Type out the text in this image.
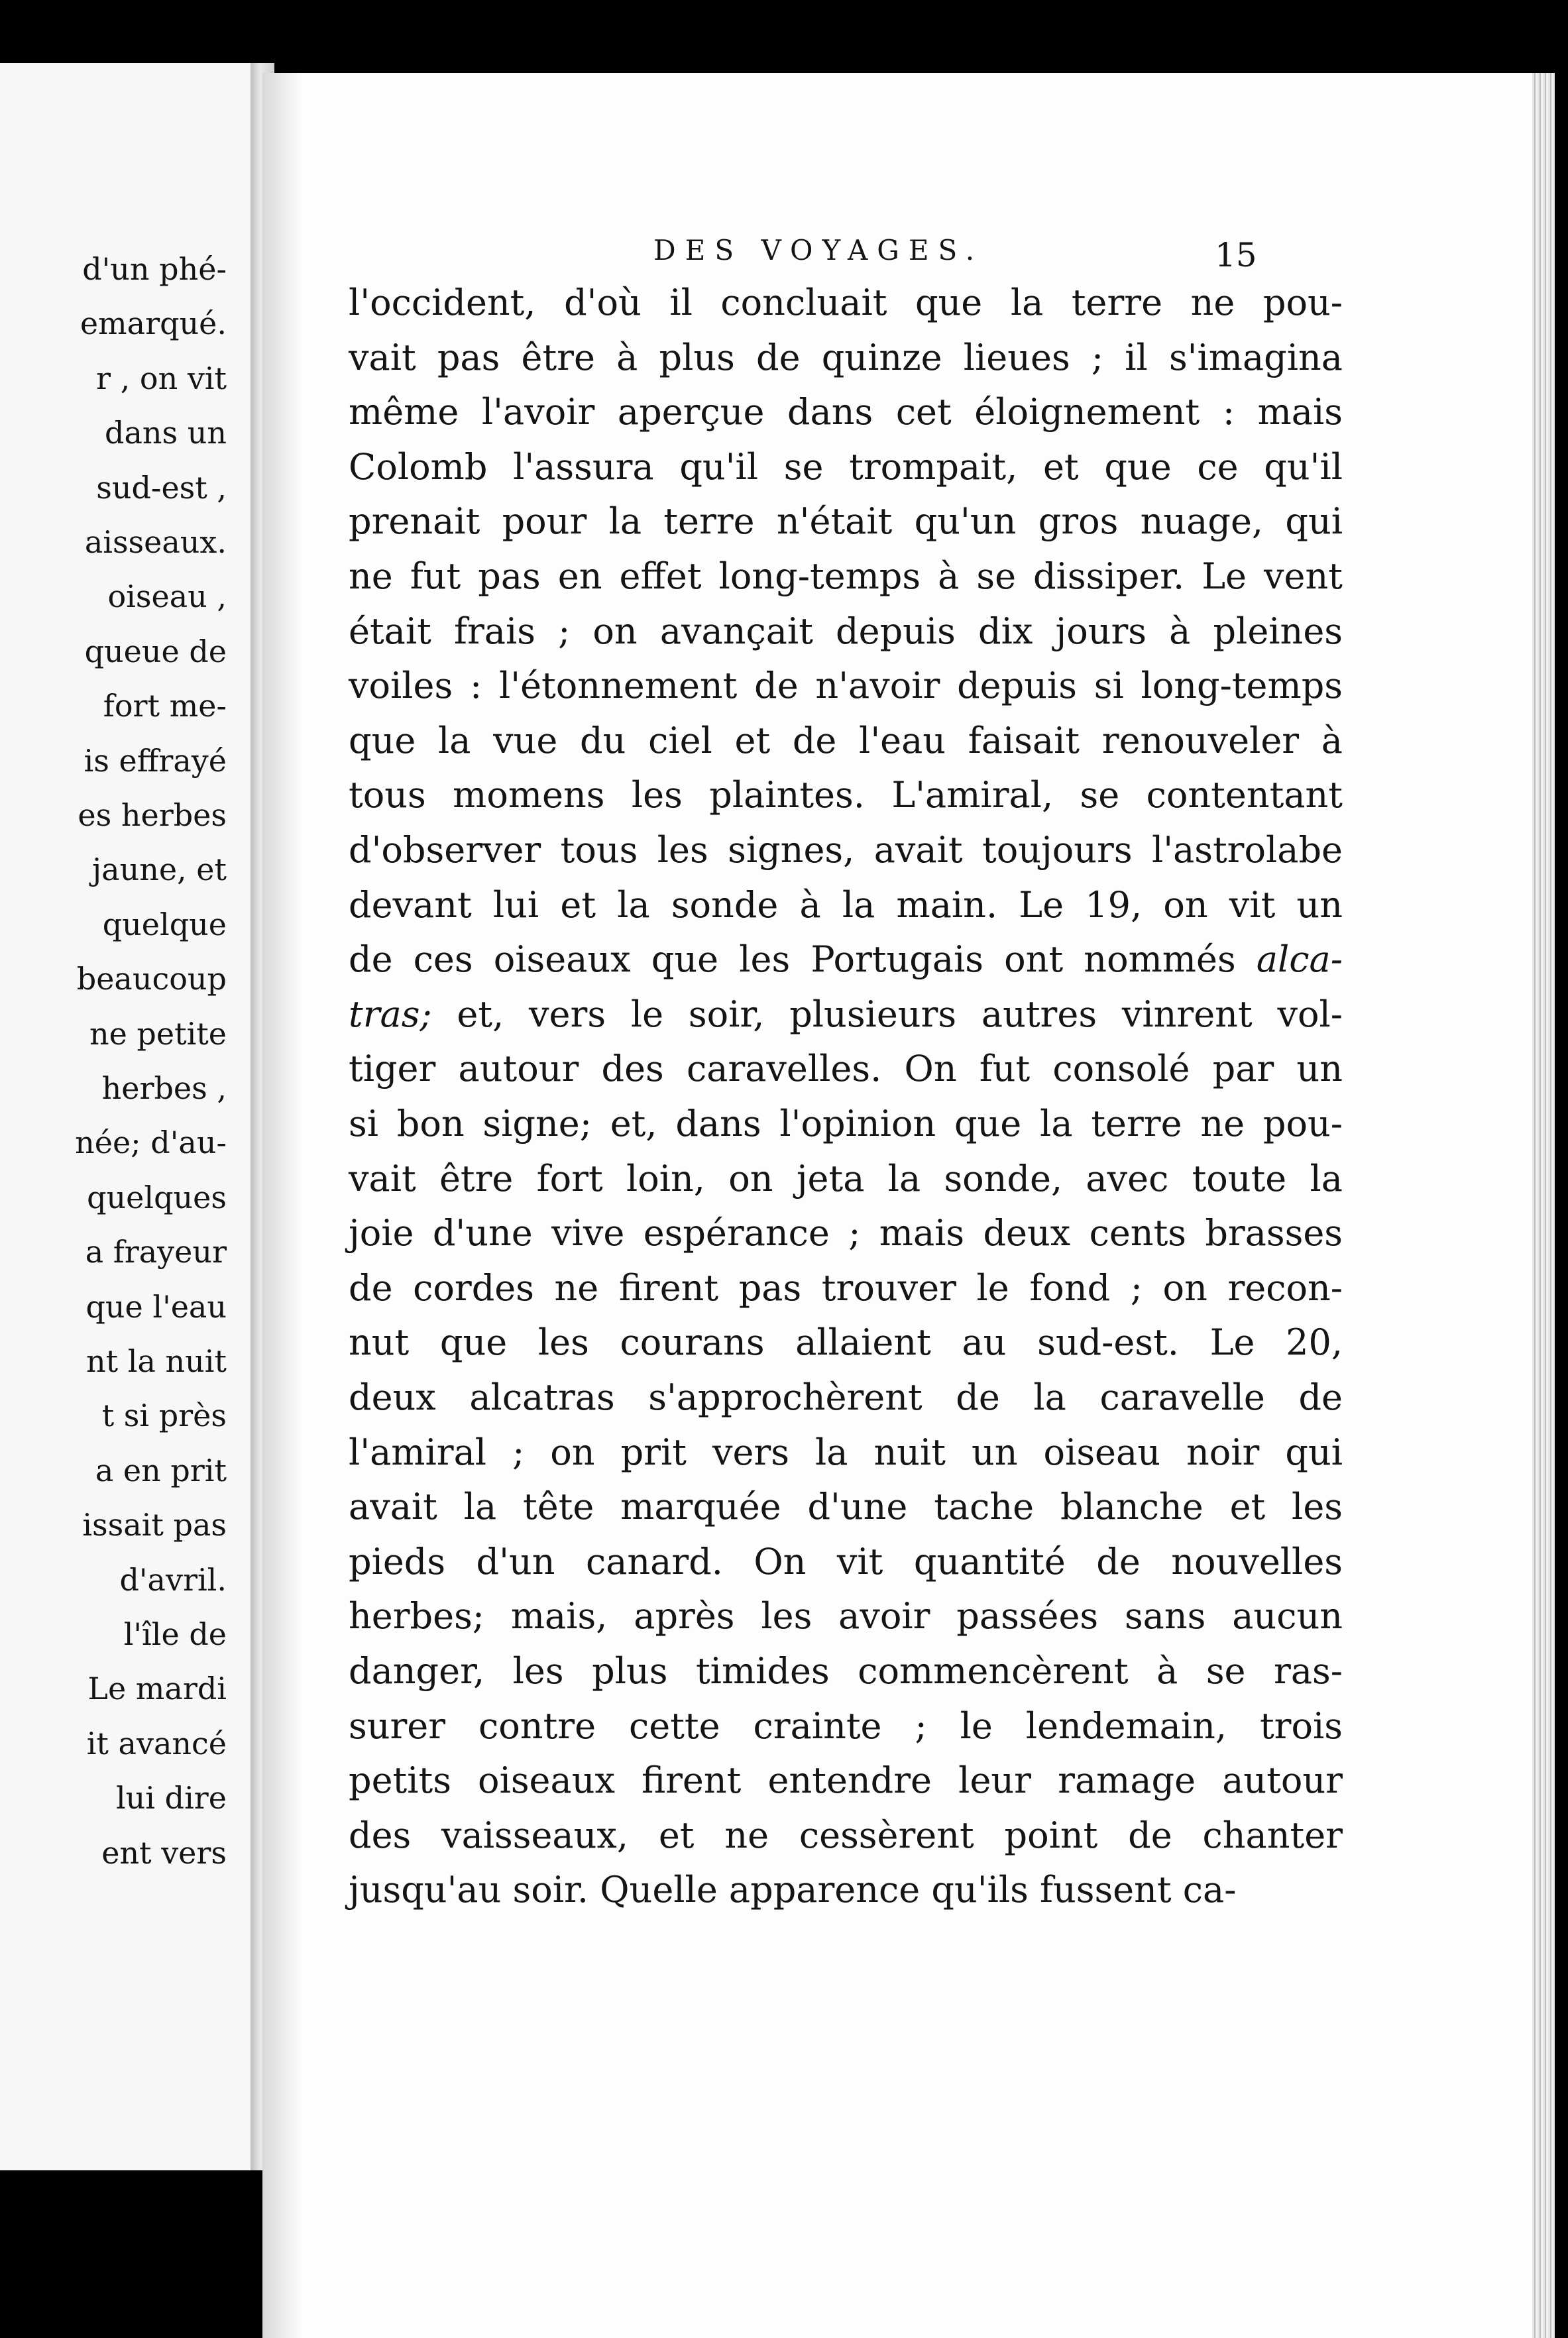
d'un phé-
emarqué.
r , on vit
dans un
sud-est ,
aisseaux.
oiseau ,
queue de
fort me-
is effrayé
es herbes
jaune, et
quelque
beaucoup
ne petite
herbes ,
née; d'au-
quelques
a frayeur
que l'eau
nt la nuit
t si près
a en prit
issait pas
d'avril.
l'île de
Le mardi
it avancé
lui dire
ent vers
DES VOYAGES.	15
l'occident, d'où il concluait que la terre ne pou-
vait pas être à plus de quinze lieues ; il s'imagina
même l'avoir aperçue dans cet éloignement : mais
Colomb l'assura qu'il se trompait, et que ce qu'il
prenait pour la terre n'était qu'un gros nuage, qui
ne fut pas en effet long-temps à se dissiper. Le vent
était frais ; on avançait depuis dix jours à pleines
voiles : l'étonnement de n'avoir depuis si long-temps
que la vue du ciel et de l'eau faisait renouveler à
tous momens les plaintes. L'amiral, se contentant
d'observer tous les signes, avait toujours l'astrolabe
devant lui et la sonde à la main. Le 19, on vit un
de ces oiseaux que les Portugais ont nommés alca-
tras; et, vers le soir, plusieurs autres vinrent vol-
tiger autour des caravelles. On fut consolé par un
si bon signe; et, dans l'opinion que la terre ne pou-
vait être fort loin, on jeta la sonde, avec toute la
joie d'une vive espérance ; mais deux cents brasses
de cordes ne firent pas trouver le fond ; on recon-
nut que les courans allaient au sud-est. Le 20,
deux alcatras s'approchèrent de la caravelle de
l'amiral ; on prit vers la nuit un oiseau noir qui
avait la tête marquée d'une tache blanche et les
pieds d'un canard. On vit quantité de nouvelles
herbes; mais, après les avoir passées sans aucun
danger, les plus timides commencèrent à se ras-
surer contre cette crainte ; le lendemain, trois
petits oiseaux firent entendre leur ramage autour
des vaisseaux, et ne cessèrent point de chanter
jusqu'au soir. Quelle apparence qu'ils fussent ca-
